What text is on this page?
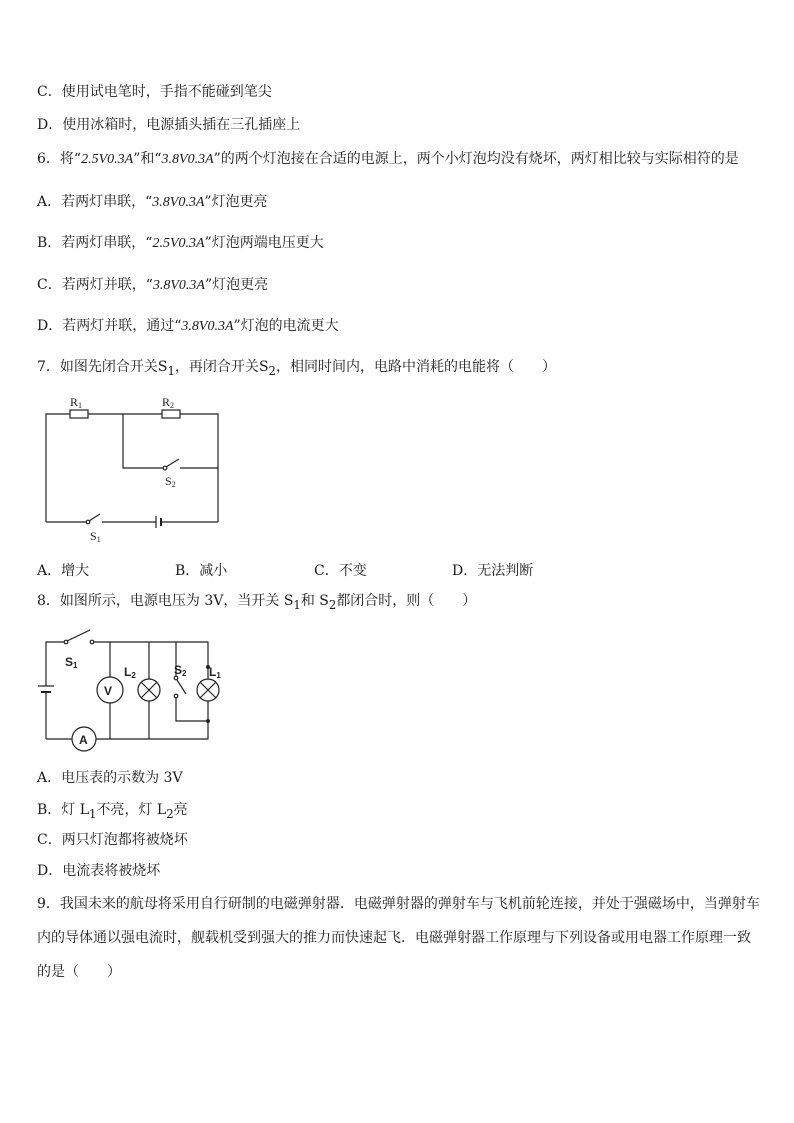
C．使用试电笔时，手指不能碰到笔尖
D．使用冰箱时，电源插头插在三孔插座上
6．将“2.5V0.3A”和“3.8V0.3A”的两个灯泡接在合适的电源上，两个小灯泡均没有烧坏，两灯相比较与实际相符的是
A．若两灯串联，“3.8V0.3A”灯泡更亮
B．若两灯串联，“2.5V0.3A”灯泡两端电压更大
C．若两灯并联，“3.8V0.3A”灯泡更亮
D．若两灯并联，通过“3.8V0.3A”灯泡的电流更大
7．如图先闭合开关$S_1$，再闭合开关$S_2$，相同时间内，电路中消耗的电能将（　　）
R1	R2
S2
S1
A．增大	B．减小	C．不变	D．无法判断
8．如图所示，电源电压为 3V，当开关 $S_1$和 $S_2$都闭合时，则（　　）
V
A
S1	L2	S2 L1
A．电压表的示数为 3V
B．灯 $L_1$不亮，灯 $L_2$亮
C．两只灯泡都将被烧坏
D．电流表将被烧坏
9．我国未来的航母将采用自行研制的电磁弹射器．电磁弹射器的弹射车与飞机前轮连接，并处于强磁场中，当弹射车内的导体通以强电流时，舰载机受到强大的推力而快速起飞．电磁弹射器工作原理与下列设备或用电器工作原理一致的是（　　）
